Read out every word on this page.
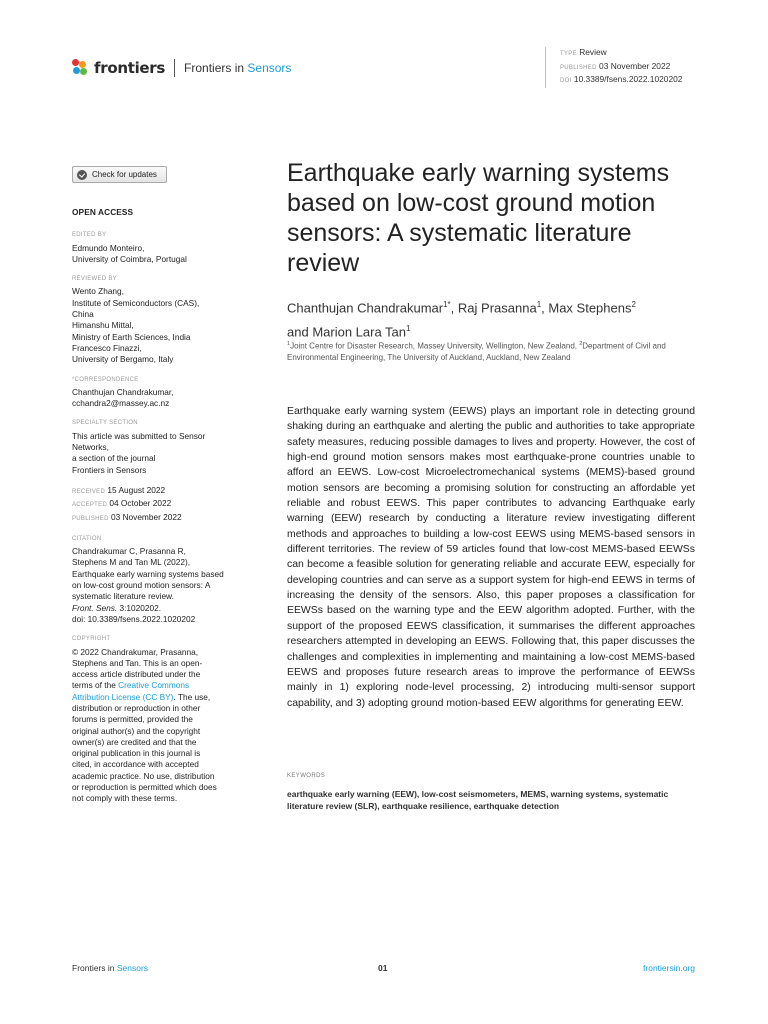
frontiers Frontiers in Sensors
TYPE Review
PUBLISHED 03 November 2022
DOI 10.3389/fsens.2022.1020202
Check for updates
OPEN ACCESS
EDITED BY
Edmundo Monteiro,
University of Coimbra, Portugal
REVIEWED BY
Wento Zhang,
Institute of Semiconductors (CAS),
China
Himanshu Mittal,
Ministry of Earth Sciences, India
Francesco Finazzi,
University of Bergamo, Italy
*CORRESPONDENCE
Chanthujan Chandrakumar,
cchandra2@massey.ac.nz
SPECIALTY SECTION
This article was submitted to Sensor
Networks,
a section of the journal
Frontiers in Sensors
RECEIVED 15 August 2022
ACCEPTED 04 October 2022
PUBLISHED 03 November 2022
CITATION
Chandrakumar C, Prasanna R,
Stephens M and Tan ML (2022),
Earthquake early warning systems based
on low-cost ground motion sensors: A
systematic literature review.
Front. Sens. 3:1020202.
doi: 10.3389/fsens.2022.1020202
COPYRIGHT
© 2022 Chandrakumar, Prasanna,
Stephens and Tan. This is an open-
access article distributed under the
terms of the Creative Commons
Attribution License (CC BY). The use,
distribution or reproduction in other
forums is permitted, provided the
original author(s) and the copyright
owner(s) are credited and that the
original publication in this journal is
cited, in accordance with accepted
academic practice. No use, distribution
or reproduction is permitted which does
not comply with these terms.
Earthquake early warning systems based on low-cost ground motion sensors: A systematic literature review
Chanthujan Chandrakumar$^{1*}$, Raj Prasanna$^1$, Max Stephens$^2$
and Marion Lara Tan$^1$
$^1$Joint Centre for Disaster Research, Massey University, Wellington, New Zealand, $^2$Department of Civil and Environmental Engineering, The University of Auckland, Auckland, New Zealand

Earthquake early warning system (EEWS) plays an important role in detecting ground shaking during an earthquake and alerting the public and authorities to take appropriate safety measures, reducing possible damages to lives and property. However, the cost of high-end ground motion sensors makes most earthquake-prone countries unable to afford an EEWS. Low-cost Microelectromechanical systems (MEMS)-based ground motion sensors are becoming a promising solution for constructing an affordable yet reliable and robust EEWS. This paper contributes to advancing Earthquake early warning (EEW) research by conducting a literature review investigating different methods and approaches to building a low-cost EEWS using MEMS-based sensors in different territories. The review of 59 articles found that low-cost MEMS-based EEWSs can become a feasible solution for generating reliable and accurate EEW, especially for developing countries and can serve as a support system for high-end EEWS in terms of increasing the density of the sensors. Also, this paper proposes a classification for EEWSs based on the warning type and the EEW algorithm adopted. Further, with the support of the proposed EEWS classification, it summarises the different approaches researchers attempted in developing an EEWS. Following that, this paper discusses the challenges and complexities in implementing and maintaining a low-cost MEMS-based EEWS and proposes future research areas to improve the performance of EEWSs mainly in 1) exploring node-level processing, 2) introducing multi-sensor support capability, and 3) adopting ground motion-based EEW algorithms for generating EEW.

KEYWORDS
earthquake early warning (EEW), low-cost seismometers, MEMS, warning systems, systematic literature review (SLR), earthquake resilience, earthquake detection
Frontiers in Sensors	01	frontiersin.org
